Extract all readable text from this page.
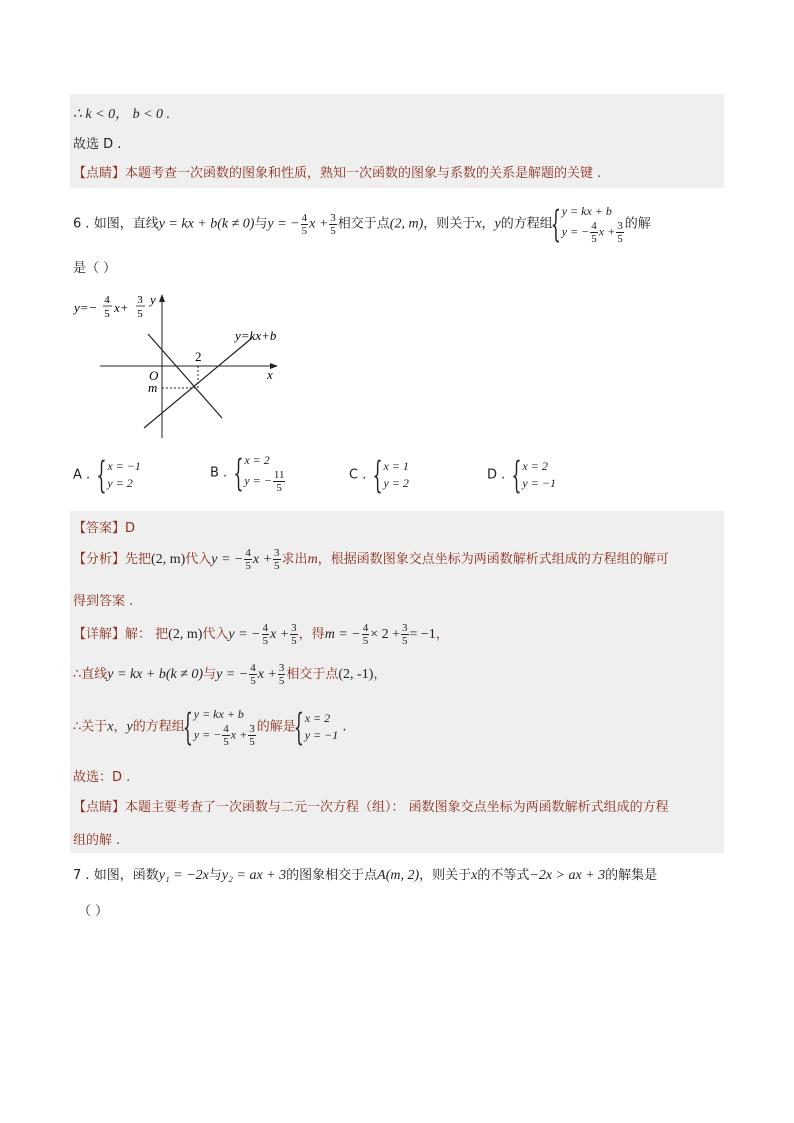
∴ k < 0， b < 0 .
故选 D .
【点睛】本题考查一次函数的图象和性质，熟知一次函数的图象与系数的关系是解题的关键 .
6 . 如图，直线y = kx + b(k ≠ 0)与y = − $\frac{4}{5}$ $x + \frac{3}{5}$ 相交于点(2, m)，则关于x，y的方程组
{ y = kx + b
y = − $\frac{4}{5}$ $x + \frac{3}{5}$ 的解
是（ ）
y=− 4
5 x+ 3
5
y
y=kx+b
2
O
m
x
A .
{ x = −1
y = 2
B .
{ x = 2
y = − $\frac{11}{5}$	C .
{ x = 1
y = 2
D .
{ x = 2
y = −1
【答案】D
【分析】先把(2, m)代入y = − $\frac{4}{5}$ $x + \frac{3}{5}$ 求出m，根据函数图象交点坐标为两函数解析式组成的方程组的解可
得到答案 .
【详解】解： 把(2, m)代入y = − $\frac{4}{5}$ $x + \frac{3}{5}$ ，得m = − $\frac{4}{5} \times 2 + \frac{3}{5} = -1$，
∴直线y = kx + b(k ≠ 0)与y = − $\frac{4}{5}$ $x + \frac{3}{5}$ 相交于点(2, -1)，
∴关于x，y的方程组
{ y = kx + b
y = − $\frac{4}{5}$ $x + \frac{3}{5}$ 的解是
{ x = 2
y = −1
.
故选：D .
【点睛】本题主要考查了一次函数与二元一次方程（组）： 函数图象交点坐标为两函数解析式组成的方程
组的解 .
7 . 如图，函数y₁ = −2x与y₂ = ax + 3的图象相交于点A(m, 2)，则关于x的不等式−2x > ax + 3的解集是
（ ）
